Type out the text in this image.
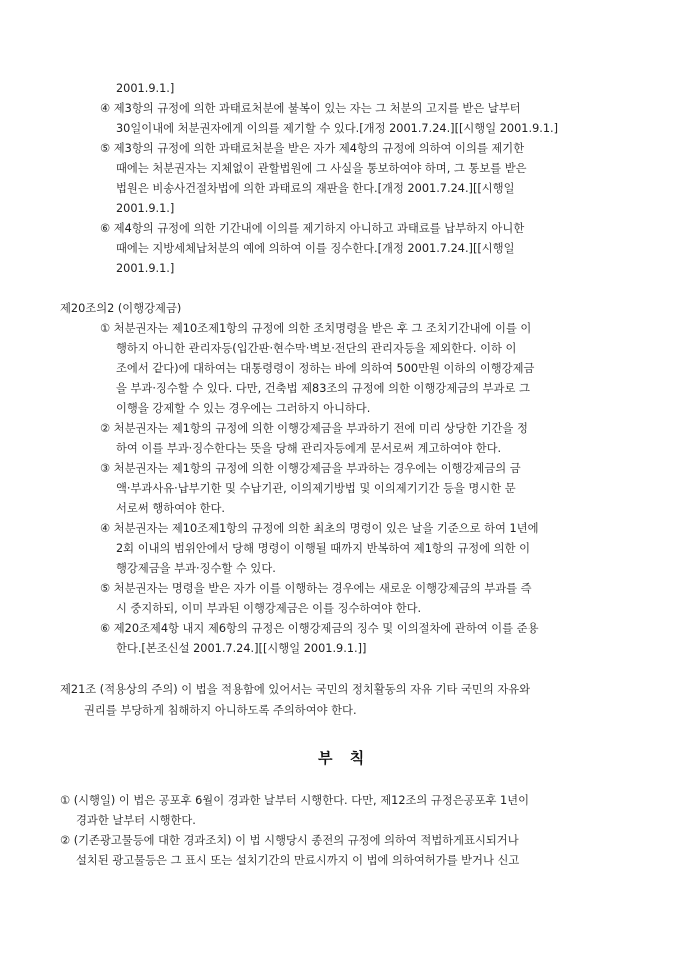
2001.9.1.]

④ 제3항의 규정에 의한 과태료처분에 불복이 있는 자는 그 처분의 고지를 받은 날부터

30일이내에 처분권자에게 이의를 제기할 수 있다.[개정 2001.7.24.][[시행일 2001.9.1.]

⑤ 제3항의 규정에 의한 과태료처분을 받은 자가 제4항의 규정에 의하여 이의를 제기한

때에는 처분권자는 지체없이 관할법원에 그 사실을 통보하여야 하며, 그 통보를 받은

법원은 비송사건절차법에 의한 과태료의 재판을 한다.[개정 2001.7.24.][[시행일

2001.9.1.]

⑥ 제4항의 규정에 의한 기간내에 이의를 제기하지 아니하고 과태료를 납부하지 아니한

때에는 지방세체납처분의 예에 의하여 이를 징수한다.[개정 2001.7.24.][[시행일

2001.9.1.]

제20조의2 (이행강제금)

① 처분권자는 제10조제1항의 규정에 의한 조치명령을 받은 후 그 조치기간내에 이를 이

행하지 아니한 관리자등(입간판·현수막·벽보·전단의 관리자등을 제외한다. 이하 이

조에서 같다)에 대하여는 대통령령이 정하는 바에 의하여 500만원 이하의 이행강제금

을 부과·징수할 수 있다. 다만, 건축법 제83조의 규정에 의한 이행강제금의 부과로 그

이행을 강제할 수 있는 경우에는 그러하지 아니하다.

② 처분권자는 제1항의 규정에 의한 이행강제금을 부과하기 전에 미리 상당한 기간을 정

하여 이를 부과·징수한다는 뜻을 당해 관리자등에게 문서로써 계고하여야 한다.

③ 처분권자는 제1항의 규정에 의한 이행강제금을 부과하는 경우에는 이행강제금의 금

액·부과사유·납부기한 및 수납기관, 이의제기방법 및 이의제기기간 등을 명시한 문

서로써 행하여야 한다.

④ 처분권자는 제10조제1항의 규정에 의한 최초의 명령이 있은 날을 기준으로 하여 1년에

2회 이내의 범위안에서 당해 명령이 이행될 때까지 반복하여 제1항의 규정에 의한 이

행강제금을 부과·징수할 수 있다.

⑤ 처분권자는 명령을 받은 자가 이를 이행하는 경우에는 새로운 이행강제금의 부과를 즉

시 중지하되, 이미 부과된 이행강제금은 이를 징수하여야 한다.

⑥ 제20조제4항 내지 제6항의 규정은 이행강제금의 징수 및 이의절차에 관하여 이를 준용

한다.[본조신설 2001.7.24.][[시행일 2001.9.1.]]

제21조 (적용상의 주의) 이 법을 적용함에 있어서는 국민의 정치활동의 자유 기타 국민의 자유와

권리를 부당하게 침해하지 아니하도록 주의하여야 한다.

부 칙

① (시행일) 이 법은 공포후 6월이 경과한 날부터 시행한다. 다만, 제12조의 규정은공포후 1년이

경과한 날부터 시행한다.

② (기존광고물등에 대한 경과조치) 이 법 시행당시 종전의 규정에 의하여 적법하게표시되거나

설치된 광고물등은 그 표시 또는 설치기간의 만료시까지 이 법에 의하여허가를 받거나 신고
